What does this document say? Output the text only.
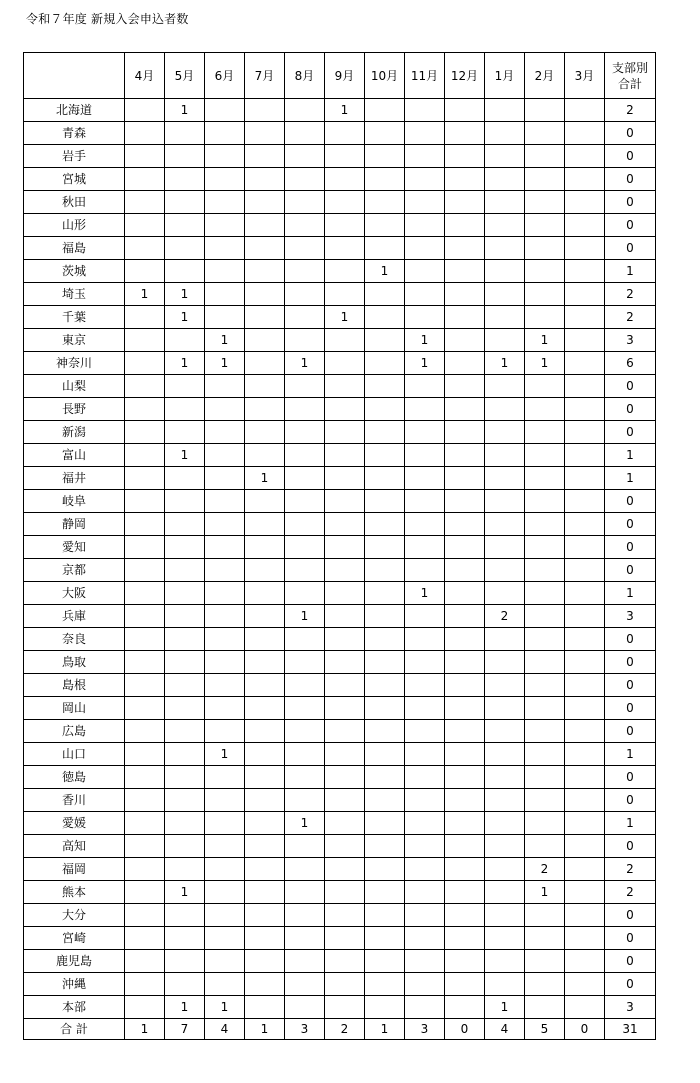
令和７年度 新規入会申込者数
	4月	5月	6月	7月	8月	9月	10月	11月	12月	1月	2月	3月	支部別
合計

北海道		1				1							2
青森													0
岩手													0
宮城													0
秋田													0
山形													0
福島													0
茨城							1						1
埼玉	1	1											2
千葉		1				1							2
東京			1					1			1		3
神奈川		1	1		1			1		1	1		6
山梨													0
長野													0
新潟													0
富山		1											1
福井				1									1
岐阜													0
静岡													0
愛知													0
京都													0
大阪								1					1
兵庫					1					2			3
奈良													0
鳥取													0
島根													0
岡山													0
広島													0
山口			1										1
徳島													0
香川													0
愛媛					1								1
高知													0
福岡											2		2
熊本		1									1		2
大分													0
宮崎													0
鹿児島													0
沖縄													0
本部		1	1							1			3
合 計	1	7	4	1	3	2	1	3	0	4	5	0	31
